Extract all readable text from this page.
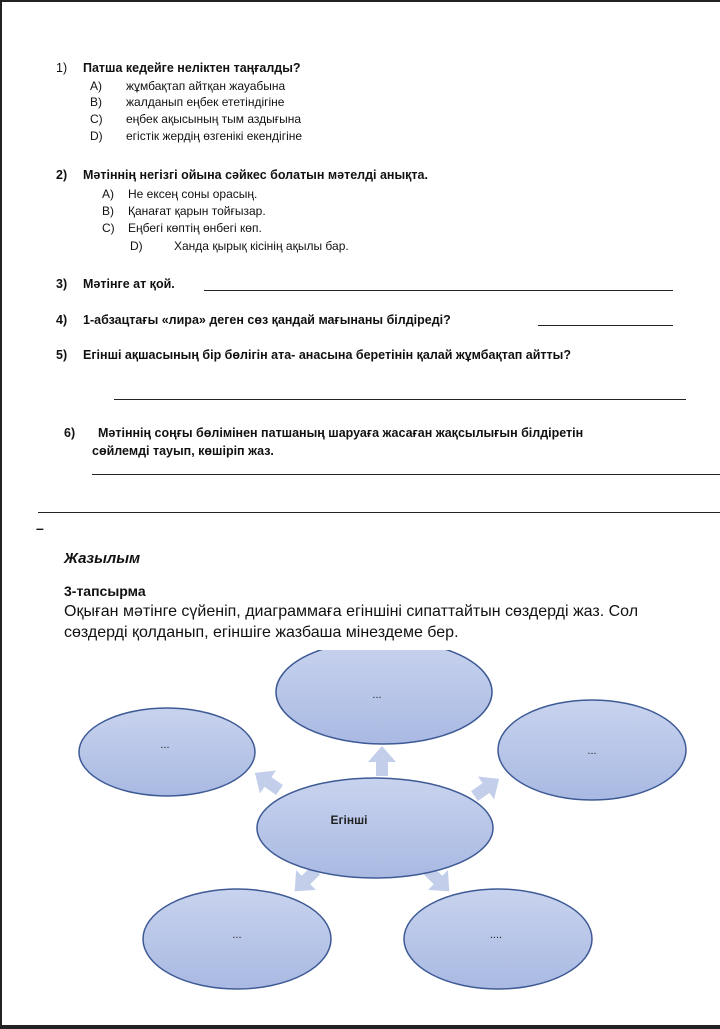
1) Патша кедейге неліктен таңғалды?
A) жұмбақтап айтқан жауабына
B) жалданып еңбек ететіндігіне
C) еңбек ақысының тым аздығына
D) егістік жердің өзгенікі екендігіне
2) Мәтіннің негізгі ойына сәйкес болатын мәтелді анықта.
A) Не ексең соны орасың.
B) Қанағат қарын тойғызар.
C) Еңбегі көптің өнбегі көп.
D)	Ханда қырық кісінің ақылы бар.
3) Мәтінге ат қой.
4) 1-абзацтағы «лира» деген сөз қандай мағынаны білдіреді?
5) Егінші ақшасының бір бөлігін ата- анасына беретінін қалай жұмбақтап айтты?
6) Мәтіннің соңғы бөлімінен патшаның шаруаға жасаған жақсылығын білдіретін
сөйлемді тауып, көшіріп жаз.
–
Жазылым
3-тапсырма
Оқыған мәтінге сүйеніп, диаграммаға егіншіні сипаттайтын сөздерді жаз. Сол сөздерді қолданып, егіншіге жазбаша мінездеме бер.
...
...	...
Егінші
...	....
